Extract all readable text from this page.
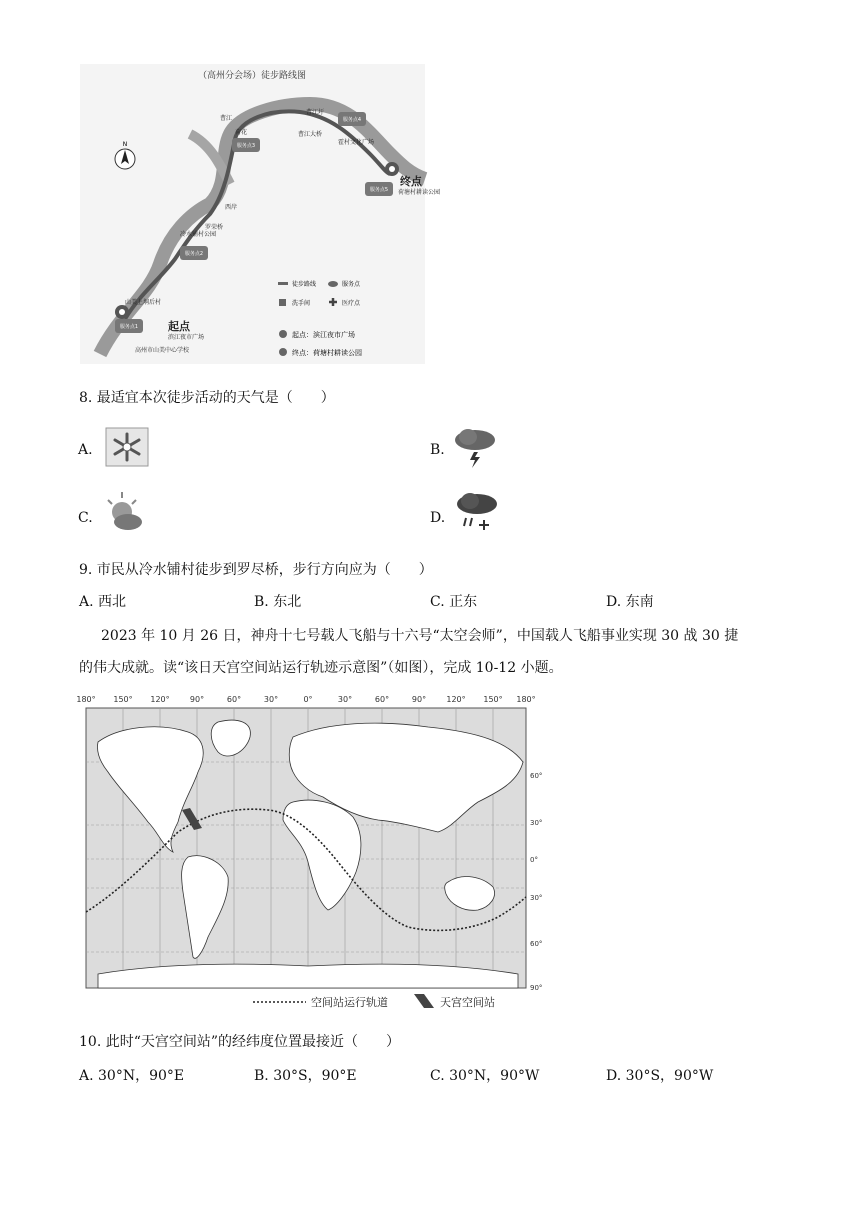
（高州分会场）徒步路线图
N
曹江圩
荷花
曹江
曹江大桥
霍村文化广场
荷塘村耕读公园
西岸
罗荣桥
冷水铺村公园
滨江夜市广场
山美上垌后村
高州市山美中心学校
服务点4
服务点3
服务点5
服务点2
服务点1	起点
终点
徒步路线	服务点
洗手间	医疗点
起点：滨江夜市广场
终点：荷塘村耕读公园
8. 最适宜本次徒步活动的天气是（　　）
A.	B.
C.	D.
9. 市民从冷水铺村徒步到罗尽桥，步行方向应为（　　）
A. 西北	B. 东北	C. 正东	D. 东南
2023 年 10 月 26 日，神舟十七号载人飞船与十六号“太空会师”，中国载人飞船事业实现 30 战 30 捷
的伟大成就。读“该日天宫空间站运行轨迹示意图”（如图），完成 10-12 小题。
180° 150° 120°	90°	60°	30°	0°	30°	60°	90°	120° 150° 180°
60°
30°
0°
30°
60°
90°
空间站运行轨道	天宫空间站
10. 此时“天宫空间站”的经纬度位置最接近（　　）
A. 30°N，90°E	B. 30°S，90°E	C. 30°N，90°W	D. 30°S，90°W
